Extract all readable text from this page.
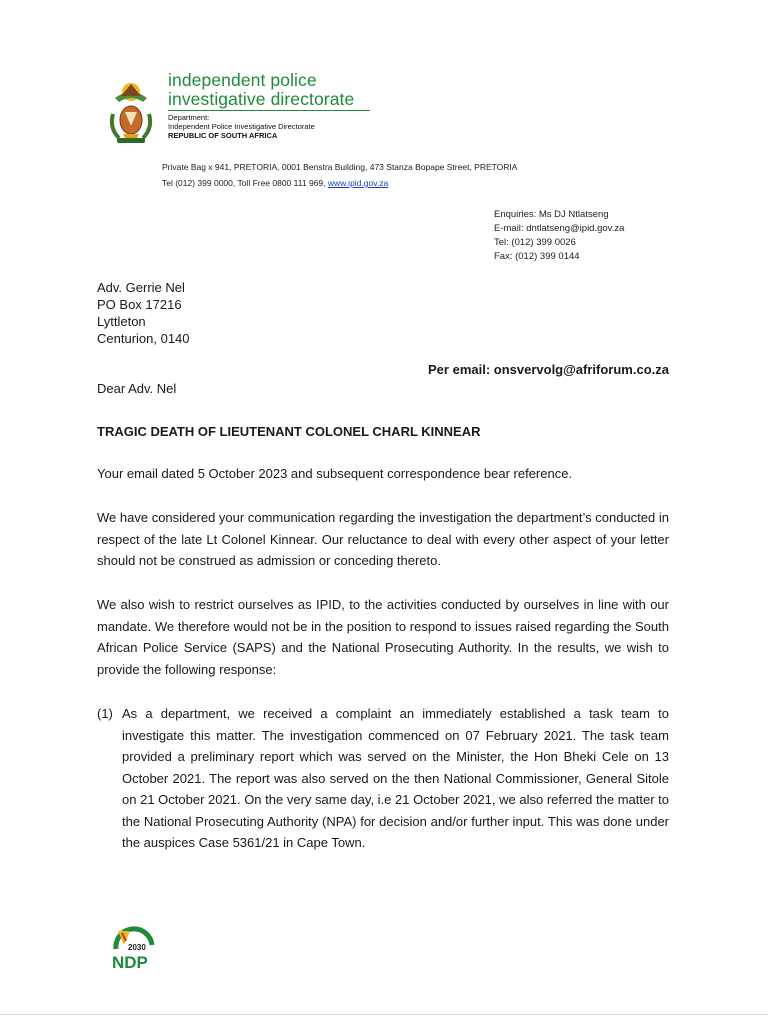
independent police
investigative directorate
Department:
Independent Police Investigative Directorate
REPUBLIC OF SOUTH AFRICA
Private Bag x 941, PRETORIA, 0001 Benstra Building, 473 Stanza Bopape Street, PRETORIA
Tel (012) 399 0000, Toll Free 0800 111 969, www.ipid.gov.za
Enquiries: Ms DJ Ntlatseng
E-mail: dntlatseng@ipid.gov.za
Tel: (012) 399 0026
Fax: (012) 399 0144
Adv. Gerrie Nel
PO Box 17216
Lyttleton
Centurion, 0140
Per email: onsvervolg@afriforum.co.za
Dear Adv. Nel
TRAGIC DEATH OF LIEUTENANT COLONEL CHARL KINNEAR
Your email dated 5 October 2023 and subsequent correspondence bear reference.
We have considered your communication regarding the investigation the department’s conducted in respect of the late Lt Colonel Kinnear. Our reluctance to deal with every other aspect of your letter should not be construed as admission or conceding thereto.
We also wish to restrict ourselves as IPID, to the activities conducted by ourselves in line with our mandate. We therefore would not be in the position to respond to issues raised regarding the South African Police Service (SAPS) and the National Prosecuting Authority. In the results, we wish to provide the following response:
(1) As a department, we received a complaint an immediately established a task team to investigate this matter. The investigation commenced on 07 February 2021. The task team provided a preliminary report which was served on the Minister, the Hon Bheki Cele on 13 October 2021. The report was also served on the then National Commissioner, General Sitole on 21 October 2021. On the very same day, i.e 21 October 2021, we also referred the matter to the National Prosecuting Authority (NPA) for decision and/or further input. This was done under the auspices Case 5361/21 in Cape Town.
2030
NDP
